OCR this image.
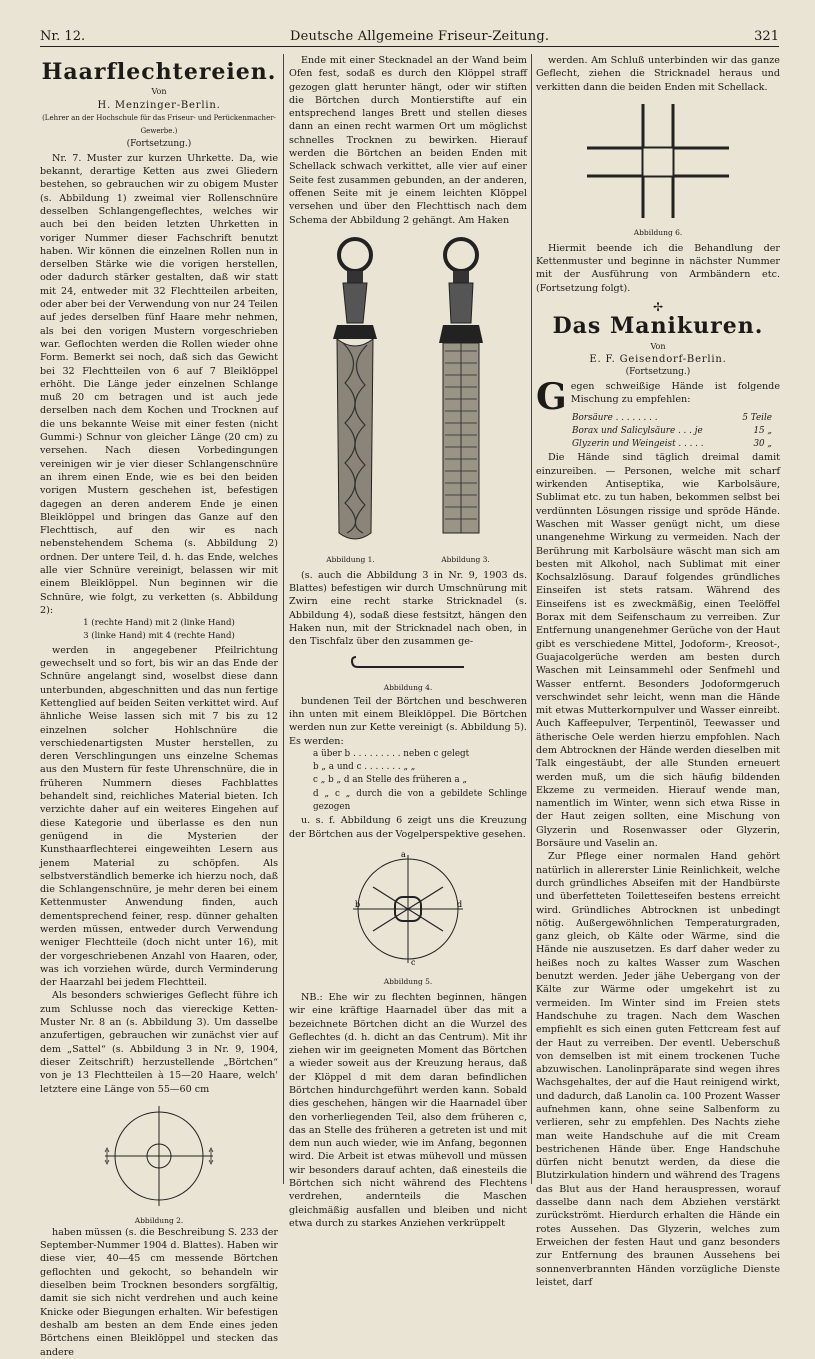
Nr. 12.	Deutsche Allgemeine Friseur-Zeitung.	321
Haarflechtereien.

Von

H. Menzinger-Berlin.

(Lehrer an der Hochschule für das Friseur- und Perückenmacher-Gewerbe.)

(Fortsetzung.)

Nr. 7. Muster zur kurzen Uhrkette. Da, wie bekannt, derartige Ketten aus zwei Gliedern bestehen, so gebrauchen wir zu obigem Muster (s. Abbildung 1) zweimal vier Rollenschnüre desselben Schlangengeflechtes, welches wir auch bei den beiden letzten Uhrketten in voriger Nummer dieser Fachschrift benutzt haben. Wir können die einzelnen Rollen nun in derselben Stärke wie die vorigen herstellen, oder dadurch stärker gestalten, daß wir statt mit 24, entweder mit 32 Flechtteilen arbeiten, oder aber bei der Verwendung von nur 24 Teilen auf jedes derselben fünf Haare mehr nehmen, als bei den vorigen Mustern vorgeschrieben war. Geflochten werden die Rollen wieder ohne Form. Bemerkt sei noch, daß sich das Gewicht bei 32 Flechtteilen von 6 auf 7 Bleiklöppel erhöht. Die Länge jeder einzelnen Schlange muß 20 cm betragen und ist auch jede derselben nach dem Kochen und Trocknen auf die uns bekannte Weise mit einer festen (nicht Gummi-) Schnur von gleicher Länge (20 cm) zu versehen. Nach diesen Vorbedingungen vereinigen wir je vier dieser Schlangenschnüre an ihrem einen Ende, wie es bei den beiden vorigen Mustern geschehen ist, befestigen dagegen an deren anderem Ende je einen Bleiklöppel und bringen das Ganze auf den Flechttisch, auf den wir es nach nebenstehendem Schema (s. Abbildung 2) ordnen. Der untere Teil, d. h. das Ende, welches alle vier Schnüre vereinigt, belassen wir mit einem Bleiklöppel. Nun beginnen wir die Schnüre, wie folgt, zu verketten (s. Abbildung 2):

1 (rechte Hand) mit 2 (linke Hand)

3 (linke Hand) mit 4 (rechte Hand)

werden in angegebener Pfeilrichtung gewechselt und so fort, bis wir an das Ende der Schnüre angelangt sind, woselbst diese dann unterbunden, abgeschnitten und das nun fertige Kettenglied auf beiden Seiten verkittet wird. Auf ähnliche Weise lassen sich mit 7 bis zu 12 einzelnen solcher Hohlschnüre die verschiedenartigsten Muster herstellen, zu deren Verschlingungen uns einzelne Schemas aus den Mustern für feste Uhrenschnüre, die in früheren Nummern dieses Fachblattes behandelt sind, reichliches Material bieten. Ich verzichte daher auf ein weiteres Eingehen auf diese Kategorie und überlasse es den nun genügend in die Mysterien der Kunsthaarflechterei eingeweihten Lesern aus jenem Material zu schöpfen. Als selbstverständlich bemerke ich hierzu noch, daß die Schlangenschnüre, je mehr deren bei einem Kettenmuster Anwendung finden, auch dementsprechend feiner, resp. dünner gehalten werden müssen, entweder durch Verwendung weniger Flechtteile (doch nicht unter 16), mit der vorgeschriebenen Anzahl von Haaren, oder, was ich vorziehen würde, durch Verminderung der Haarzahl bei jedem Flechtteil.

Als besonders schwieriges Geflecht führe ich zum Schlusse noch das viereckige Ketten-Muster Nr. 8 an (s. Abbildung 3). Um dasselbe anzufertigen, gebrauchen wir zunächst vier auf dem „Sattel“ (s. Abbildung 3 in Nr. 9, 1904, dieser Zeitschrift) herzustellende „Börtchen“ von je 13 Flechtteilen à 15—20 Haare, welch' letztere eine Länge von 55—60 cm

Abbildung 2.

haben müssen (s. die Beschreibung S. 233 der September-Nummer 1904 d. Blattes). Haben wir diese vier, 40—45 cm messende Börtchen geflochten und gekocht, so behandeln wir dieselben beim Trocknen besonders sorgfältig, damit sie sich nicht verdrehen und auch keine Knicke oder Biegungen erhalten. Wir befestigen deshalb am besten an dem Ende eines jeden Börtchens einen Bleiklöppel und stecken das andere

Ende mit einer Stecknadel an der Wand beim Ofen fest, sodaß es durch den Klöppel straff gezogen glatt herunter hängt, oder wir stiften die Börtchen durch Montierstifte auf ein entsprechend langes Brett und stellen dieses dann an einen recht warmen Ort um möglichst schnelles Trocknen zu bewirken. Hierauf werden die Börtchen an beiden Enden mit Schellack schwach verkittet, alle vier auf einer Seite fest zusammen gebunden, an der anderen, offenen Seite mit je einem leichten Klöppel versehen und über den Flechttisch nach dem Schema der Abbildung 2 gehängt. Am Haken

Abbildung 1.	Abbildung 3.

(s. auch die Abbildung 3 in Nr. 9, 1903 ds. Blattes) befestigen wir durch Umschnürung mit Zwirn eine recht starke Stricknadel (s. Abbildung 4), sodaß diese festsitzt, hängen den Haken nun, mit der Stricknadel nach oben, in den Tischfalz über den zusammen ge-

Abbildung 4.

bundenen Teil der Börtchen und beschweren ihn unten mit einem Bleiklöppel. Die Börtchen werden nun zur Kette vereinigt (s. Abbildung 5). Es werden:

a über b . . . . . . . . . neben c gelegt

b „ a und c . . . . . . . „ „

c „ b „ d an Stelle des früheren a „

d „ c „ durch die von a gebildete Schlinge gezogen

u. s. f. Abbildung 6 zeigt uns die Kreuzung der Börtchen aus der Vogelperspektive gesehen.

a
b
c
d
Abbildung 5.

NB.: Ehe wir zu flechten beginnen, hängen wir eine kräftige Haarnadel über das mit a bezeichnete Börtchen dicht an die Wurzel des Geflechtes (d. h. dicht an das Centrum). Mit ihr ziehen wir im geeigneten Moment das Börtchen a wieder soweit aus der Kreuzung heraus, daß der Klöppel d mit dem daran befindlichen Börtchen hindurchgeführt werden kann. Sobald dies geschehen, hängen wir die Haarnadel über den vorherliegenden Teil, also dem früheren c, das an Stelle des früheren a getreten ist und mit dem nun auch wieder, wie im Anfang, begonnen wird. Die Arbeit ist etwas mühevoll und müssen wir besonders darauf achten, daß einesteils die Börtchen sich nicht während des Flechtens verdrehen, andernteils die Maschen gleichmäßig ausfallen und bleiben und nicht etwa durch zu starkes Anziehen verkrüppelt

werden. Am Schluß unterbinden wir das ganze Geflecht, ziehen die Stricknadel heraus und verkitten dann die beiden Enden mit Schellack.

Abbildung 6.

Hiermit beende ich die Behandlung der Kettenmuster und beginne in nächster Nummer mit der Ausführung von Armbändern etc. (Fortsetzung folgt).

✢
Das Manikuren.

Von

E. F. Geisendorf-Berlin.

(Fortsetzung.)

Gegen schweißige Hände ist folgende Mischung zu empfehlen:

Borsäure . . . . . . . .	5 Teile
Borax und Salicylsäure . . . je	15 „
Glyzerin und Weingeist . . . . .	30 „

Die Hände sind täglich dreimal damit einzureiben. — Personen, welche mit scharf wirkenden Antiseptika, wie Karbolsäure, Sublimat etc. zu tun haben, bekommen selbst bei verdünnten Lösungen rissige und spröde Hände. Waschen mit Wasser genügt nicht, um diese unangenehme Wirkung zu vermeiden. Nach der Berührung mit Karbolsäure wäscht man sich am besten mit Alkohol, nach Sublimat mit einer Kochsalzlösung. Darauf folgendes gründliches Einseifen ist stets ratsam. Während des Einseifens ist es zweckmäßig, einen Teelöffel Borax mit dem Seifenschaum zu verreiben. Zur Entfernung unangenehmer Gerüche von der Haut gibt es verschiedene Mittel, Jodoform-, Kreosot-, Guajacolgerüche werden am besten durch Waschen mit Leinsammehl oder Senfmehl und Wasser entfernt. Besonders Jodoformgeruch verschwindet sehr leicht, wenn man die Hände mit etwas Mutterkornpulver und Wasser einreibt. Auch Kaffeepulver, Terpentinöl, Teewasser und ätherische Oele werden hierzu empfohlen. Nach dem Abtrocknen der Hände werden dieselben mit Talk eingestäubt, der alle Stunden erneuert werden muß, um die sich häufig bildenden Ekzeme zu vermeiden. Hierauf wende man, namentlich im Winter, wenn sich etwa Risse in der Haut zeigen sollten, eine Mischung von Glyzerin und Rosenwasser oder Glyzerin, Borsäure und Vaselin an.

Zur Pflege einer normalen Hand gehört natürlich in allererster Linie Reinlichkeit, welche durch gründliches Abseifen mit der Handbürste und überfetteten Toiletteseifen bestens erreicht wird. Gründliches Abtrocknen ist unbedingt nötig. Außergewöhnlichen Temperaturgraden, ganz gleich, ob Kälte oder Wärme, sind die Hände nie auszusetzen. Es darf daher weder zu heißes noch zu kaltes Wasser zum Waschen benutzt werden. Jeder jähe Uebergang von der Kälte zur Wärme oder umgekehrt ist zu vermeiden. Im Winter sind im Freien stets Handschuhe zu tragen. Nach dem Waschen empfiehlt es sich einen guten Fettcream fest auf der Haut zu verreiben. Der eventl. Ueberschuß von demselben ist mit einem trockenen Tuche abzuwischen. Lanolinpräparate sind wegen ihres Wachsgehaltes, der auf die Haut reinigend wirkt, und dadurch, daß Lanolin ca. 100 Prozent Wasser aufnehmen kann, ohne seine Salbenform zu verlieren, sehr zu empfehlen. Des Nachts ziehe man weite Handschuhe auf die mit Cream bestrichenen Hände über. Enge Handschuhe dürfen nicht benutzt werden, da diese die Blutzirkulation hindern und während des Tragens das Blut aus der Hand herauspressen, worauf dasselbe dann nach dem Abziehen verstärkt zurückströmt. Hierdurch erhalten die Hände ein rotes Aussehen. Das Glyzerin, welches zum Erweichen der festen Haut und ganz besonders zur Entfernung des braunen Aussehens bei sonnenverbrannten Händen vorzügliche Dienste leistet, darf
